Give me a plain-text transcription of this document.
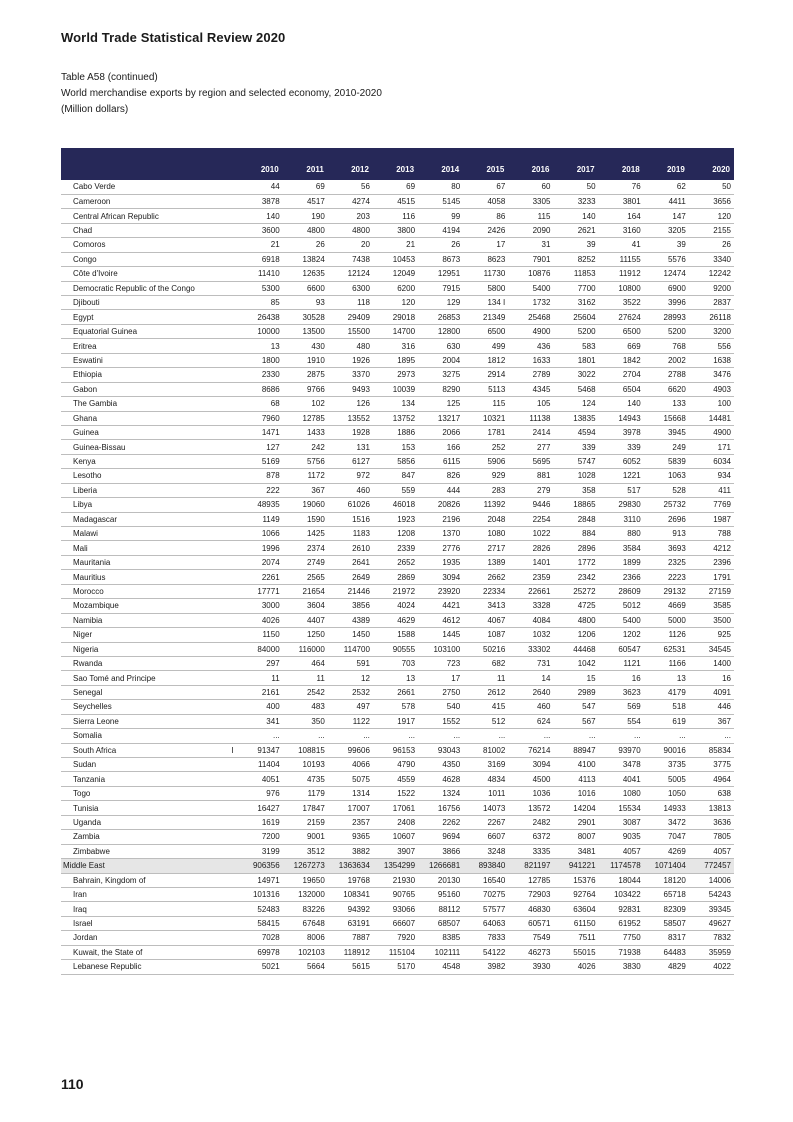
World Trade Statistical Review 2020
Table A58 (continued)
World merchandise exports by region and selected economy, 2010-2020
(Million dollars)
	2010	2011	2012	2013	2014	2015	2016	2017	2018	2019	2020
Cabo Verde	44	69	56	69	80	67	60	50	76	62	50
Cameroon	3878	4517	4274	4515	5145	4058	3305	3233	3801	4411	3656
Central African Republic	140	190	203	116	99	86	115	140	164	147	120
Chad	3600	4800	4800	3800	4194	2426	2090	2621	3160	3205	2155
Comoros	21	26	20	21	26	17	31	39	41	39	26
Congo	6918	13824	7438	10453	8673	8623	7901	8252	11155	5576	3340
Côte d'Ivoire	11410	12635	12124	12049	12951	11730	10876	11853	11912	12474	12242
Democratic Republic of the Congo	5300	6600	6300	6200	7915	5800	5400	7700	10800	6900	9200
Djibouti	85	93	118	120	129	134 I	1732	3162	3522	3996	2837
Egypt	26438	30528	29409	29018	26853	21349	25468	25604	27624	28993	26118
Equatorial Guinea	10000	13500	15500	14700	12800	6500	4900	5200	6500	5200	3200
Eritrea	13	430	480	316	630	499	436	583	669	768	556
Eswatini	1800	1910	1926	1895	2004	1812	1633	1801	1842	2002	1638
Ethiopia	2330	2875	3370	2973	3275	2914	2789	3022	2704	2788	3476
Gabon	8686	9766	9493	10039	8290	5113	4345	5468	6504	6620	4903
The Gambia	68	102	126	134	125	115	105	124	140	133	100
Ghana	7960	12785	13552	13752	13217	10321	11138	13835	14943	15668	14481
Guinea	1471	1433	1928	1886	2066	1781	2414	4594	3978	3945	4900
Guinea-Bissau	127	242	131	153	166	252	277	339	339	249	171
Kenya	5169	5756	6127	5856	6115	5906	5695	5747	6052	5839	6034
Lesotho	878	1172	972	847	826	929	881	1028	1221	1063	934
Liberia	222	367	460	559	444	283	279	358	517	528	411
Libya	48935	19060	61026	46018	20826	11392	9446	18865	29830	25732	7769
Madagascar	1149	1590	1516	1923	2196	2048	2254	2848	3110	2696	1987
Malawi	1066	1425	1183	1208	1370	1080	1022	884	880	913	788
Mali	1996	2374	2610	2339	2776	2717	2826	2896	3584	3693	4212
Mauritania	2074	2749	2641	2652	1935	1389	1401	1772	1899	2325	2396
Mauritius	2261	2565	2649	2869	3094	2662	2359	2342	2366	2223	1791
Morocco	17771	21654	21446	21972	23920	22334	22661	25272	28609	29132	27159
Mozambique	3000	3604	3856	4024	4421	3413	3328	4725	5012	4669	3585
Namibia	4026	4407	4389	4629	4612	4067	4084	4800	5400	5000	3500
Niger	1150	1250	1450	1588	1445	1087	1032	1206	1202	1126	925
Nigeria	84000	116000	114700	90555	103100	50216	33302	44468	60547	62531	34545
Rwanda	297	464	591	703	723	682	731	1042	1121	1166	1400
Sao Tomé and Principe	11	11	12	13	17	11	14	15	16	13	16
Senegal	2161	2542	2532	2661	2750	2612	2640	2989	3623	4179	4091
Seychelles	400	483	497	578	540	415	460	547	569	518	446
Sierra Leone	341	350	1122	1917	1552	512	624	567	554	619	367
Somalia	...	...	...	...	...	...	...	...	...	...	...
South Africa	I 91347	108815	99606	96153	93043	81002	76214	88947	93970	90016	85834
Sudan	11404	10193	4066	4790	4350	3169	3094	4100	3478	3735	3775
Tanzania	4051	4735	5075	4559	4628	4834	4500	4113	4041	5005	4964
Togo	976	1179	1314	1522	1324	1011	1036	1016	1080	1050	638
Tunisia	16427	17847	17007	17061	16756	14073	13572	14204	15534	14933	13813
Uganda	1619	2159	2357	2408	2262	2267	2482	2901	3087	3472	3636
Zambia	7200	9001	9365	10607	9694	6607	6372	8007	9035	7047	7805
Zimbabwe	3199	3512	3882	3907	3866	3248	3335	3481	4057	4269	4057
Middle East	906356	1267273	1363634	1354299	1266681	893840	821197	941221	1174578	1071404	772457
Bahrain, Kingdom of	14971	19650	19768	21930	20130	16540	12785	15376	18044	18120	14006
Iran	101316	132000	108341	90765	95160	70275	72903	92764	103422	65718	54243
Iraq	52483	83226	94392	93066	88112	57577	46830	63604	92831	82309	39345
Israel	58415	67648	63191	66607	68507	64063	60571	61150	61952	58507	49627
Jordan	7028	8006	7887	7920	8385	7833	7549	7511	7750	8317	7832
Kuwait, the State of	69978	102103	118912	115104	102111	54122	46273	55015	71938	64483	35959
Lebanese Republic	5021	5664	5615	5170	4548	3982	3930	4026	3830	4829	4022
110
